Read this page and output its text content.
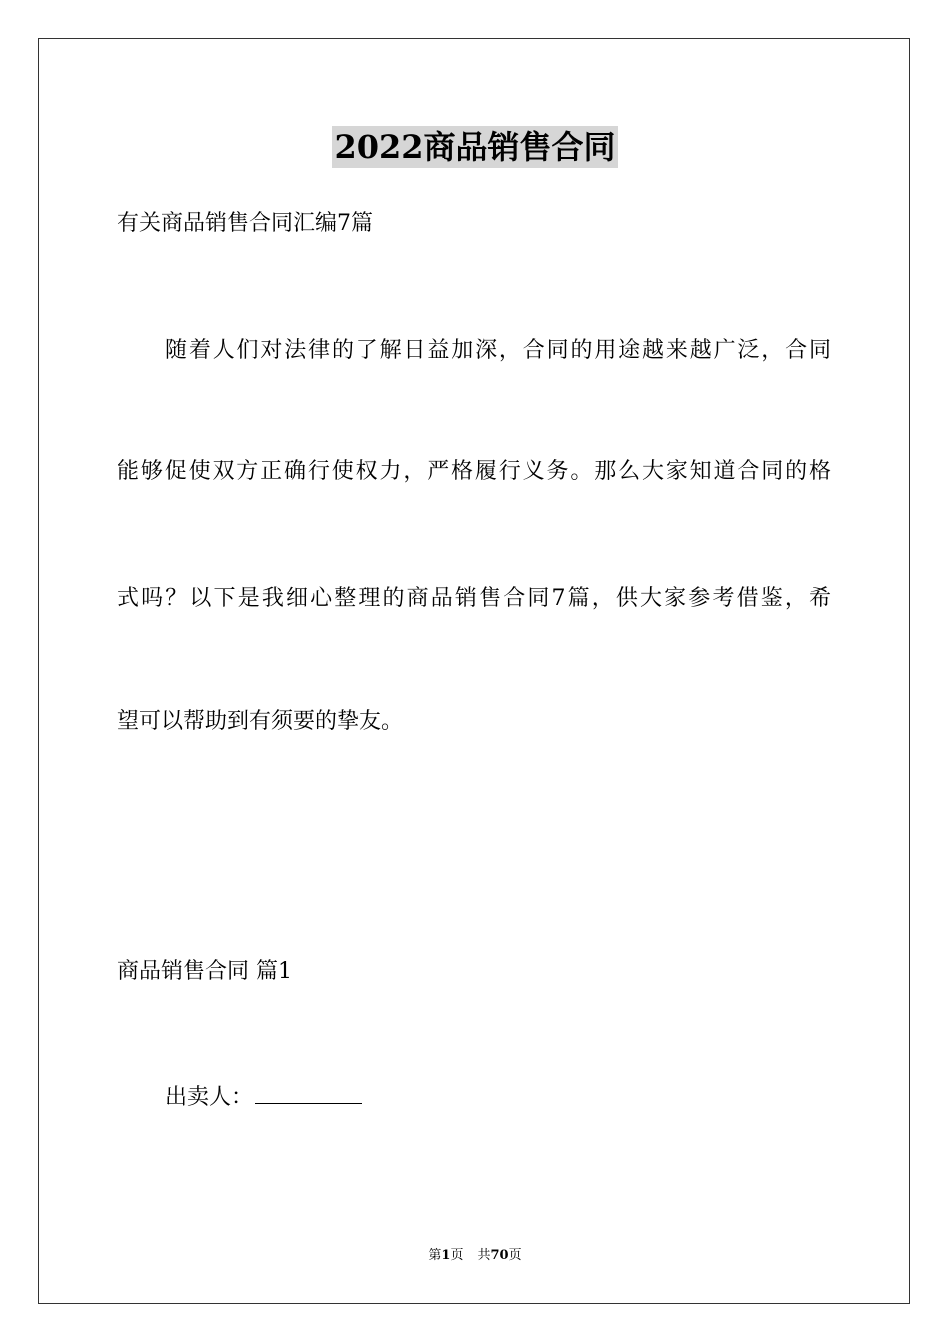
2022商品销售合同
有关商品销售合同汇编7篇
随着人们对法律的了解日益加深，合同的用途越来越广泛，合同
能够促使双方正确行使权力，严格履行义务。那么大家知道合同的格
式吗？以下是我细心整理的商品销售合同7篇，供大家参考借鉴，希
望可以帮助到有须要的挚友。
商品销售合同 篇1
出卖人：
第1页 共70页
